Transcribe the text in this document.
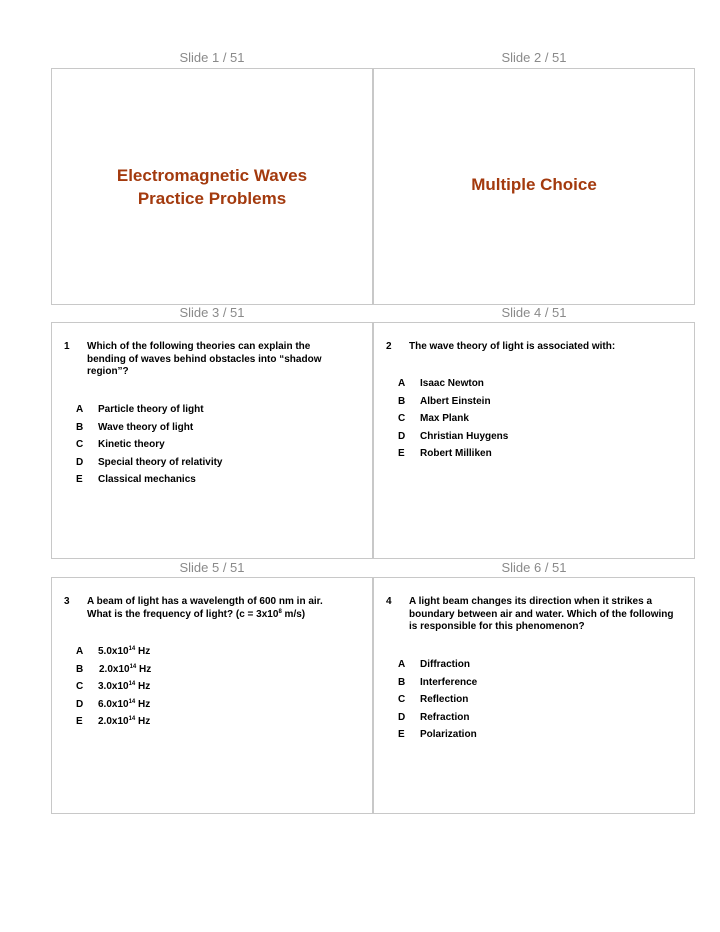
Slide 1 / 51	Slide 2 / 51
Electromagnetic Waves
Practice Problems
Multiple Choice
Slide 3 / 51	Slide 4 / 51
1 Which of the following theories can explain the bending of waves behind obstacles into “shadow region”?
A Particle theory of light
B Wave theory of light
C Kinetic theory
D Special theory of relativity
E Classical mechanics
2 The wave theory of light is associated with:
A Isaac Newton
B Albert Einstein
C Max Plank
D Christian Huygens
E Robert Milliken
Slide 5 / 51	Slide 6 / 51
3 A beam of light has a wavelength of 600 nm in air.
What is the frequency of light? ($c = 3x10^8$ m/s)
A $5.0x10^{14}$ Hz
B $2.0x10^{14}$ Hz
C $3.0x10^{14}$ Hz
D $6.0x10^{14}$ Hz
E $2.0x10^{14}$ Hz
4 A light beam changes its direction when it strikes a boundary between air and water. Which of the following is responsible for this phenomenon?
A Diffraction
B Interference
C Reflection
D Refraction
E Polarization
